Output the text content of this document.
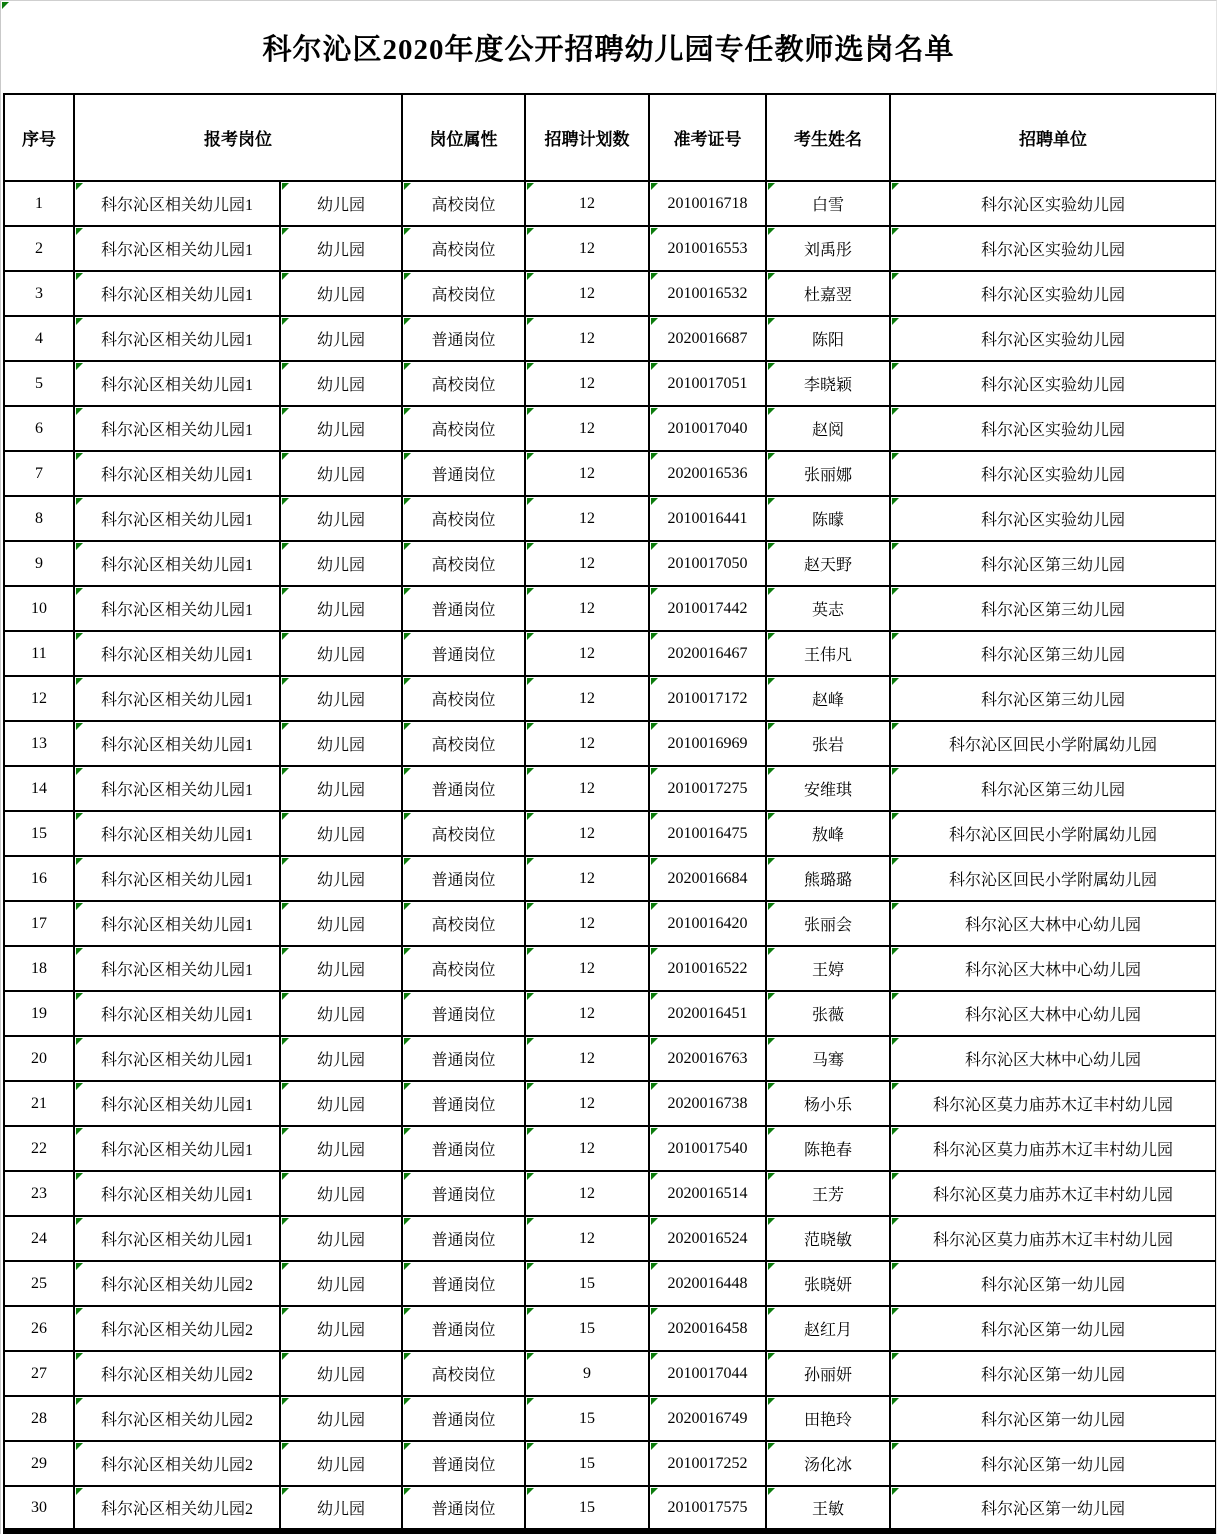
科尔沁区2020年度公开招聘幼儿园专任教师选岗名单
序号	报考岗位		岗位属性	招聘计划数	准考证号	考生姓名	招聘单位
1	科尔沁区相关幼儿园1	幼儿园	高校岗位	12	2010016718	白雪	科尔沁区实验幼儿园
2	科尔沁区相关幼儿园1	幼儿园	高校岗位	12	2010016553	刘禹彤	科尔沁区实验幼儿园
3	科尔沁区相关幼儿园1	幼儿园	高校岗位	12	2010016532	杜嘉翌	科尔沁区实验幼儿园
4	科尔沁区相关幼儿园1	幼儿园	普通岗位	12	2020016687	陈阳	科尔沁区实验幼儿园
5	科尔沁区相关幼儿园1	幼儿园	高校岗位	12	2010017051	李晓颖	科尔沁区实验幼儿园
6	科尔沁区相关幼儿园1	幼儿园	高校岗位	12	2010017040	赵阅	科尔沁区实验幼儿园
7	科尔沁区相关幼儿园1	幼儿园	普通岗位	12	2020016536	张丽娜	科尔沁区实验幼儿园
8	科尔沁区相关幼儿园1	幼儿园	高校岗位	12	2010016441	陈曚	科尔沁区实验幼儿园
9	科尔沁区相关幼儿园1	幼儿园	高校岗位	12	2010017050	赵天野	科尔沁区第三幼儿园
10	科尔沁区相关幼儿园1	幼儿园	普通岗位	12	2010017442	英志	科尔沁区第三幼儿园
11	科尔沁区相关幼儿园1	幼儿园	普通岗位	12	2020016467	王伟凡	科尔沁区第三幼儿园
12	科尔沁区相关幼儿园1	幼儿园	高校岗位	12	2010017172	赵峰	科尔沁区第三幼儿园
13	科尔沁区相关幼儿园1	幼儿园	高校岗位	12	2010016969	张岩	科尔沁区回民小学附属幼儿园
14	科尔沁区相关幼儿园1	幼儿园	普通岗位	12	2010017275	安维琪	科尔沁区第三幼儿园
15	科尔沁区相关幼儿园1	幼儿园	高校岗位	12	2010016475	敖峰	科尔沁区回民小学附属幼儿园
16	科尔沁区相关幼儿园1	幼儿园	普通岗位	12	2020016684	熊璐璐	科尔沁区回民小学附属幼儿园
17	科尔沁区相关幼儿园1	幼儿园	高校岗位	12	2010016420	张丽会	科尔沁区大林中心幼儿园
18	科尔沁区相关幼儿园1	幼儿园	高校岗位	12	2010016522	王婷	科尔沁区大林中心幼儿园
19	科尔沁区相关幼儿园1	幼儿园	普通岗位	12	2020016451	张薇	科尔沁区大林中心幼儿园
20	科尔沁区相关幼儿园1	幼儿园	普通岗位	12	2020016763	马骞	科尔沁区大林中心幼儿园
21	科尔沁区相关幼儿园1	幼儿园	普通岗位	12	2020016738	杨小乐	科尔沁区莫力庙苏木辽丰村幼儿园
22	科尔沁区相关幼儿园1	幼儿园	普通岗位	12	2010017540	陈艳春	科尔沁区莫力庙苏木辽丰村幼儿园
23	科尔沁区相关幼儿园1	幼儿园	普通岗位	12	2020016514	王芳	科尔沁区莫力庙苏木辽丰村幼儿园
24	科尔沁区相关幼儿园1	幼儿园	普通岗位	12	2020016524	范晓敏	科尔沁区莫力庙苏木辽丰村幼儿园
25	科尔沁区相关幼儿园2	幼儿园	普通岗位	15	2020016448	张晓妍	科尔沁区第一幼儿园
26	科尔沁区相关幼儿园2	幼儿园	普通岗位	15	2020016458	赵红月	科尔沁区第一幼儿园
27	科尔沁区相关幼儿园2	幼儿园	高校岗位	9	2010017044	孙丽妍	科尔沁区第一幼儿园
28	科尔沁区相关幼儿园2	幼儿园	普通岗位	15	2020016749	田艳玲	科尔沁区第一幼儿园
29	科尔沁区相关幼儿园2	幼儿园	普通岗位	15	2010017252	汤化冰	科尔沁区第一幼儿园
30	科尔沁区相关幼儿园2	幼儿园	普通岗位	15	2010017575	王敏	科尔沁区第一幼儿园
